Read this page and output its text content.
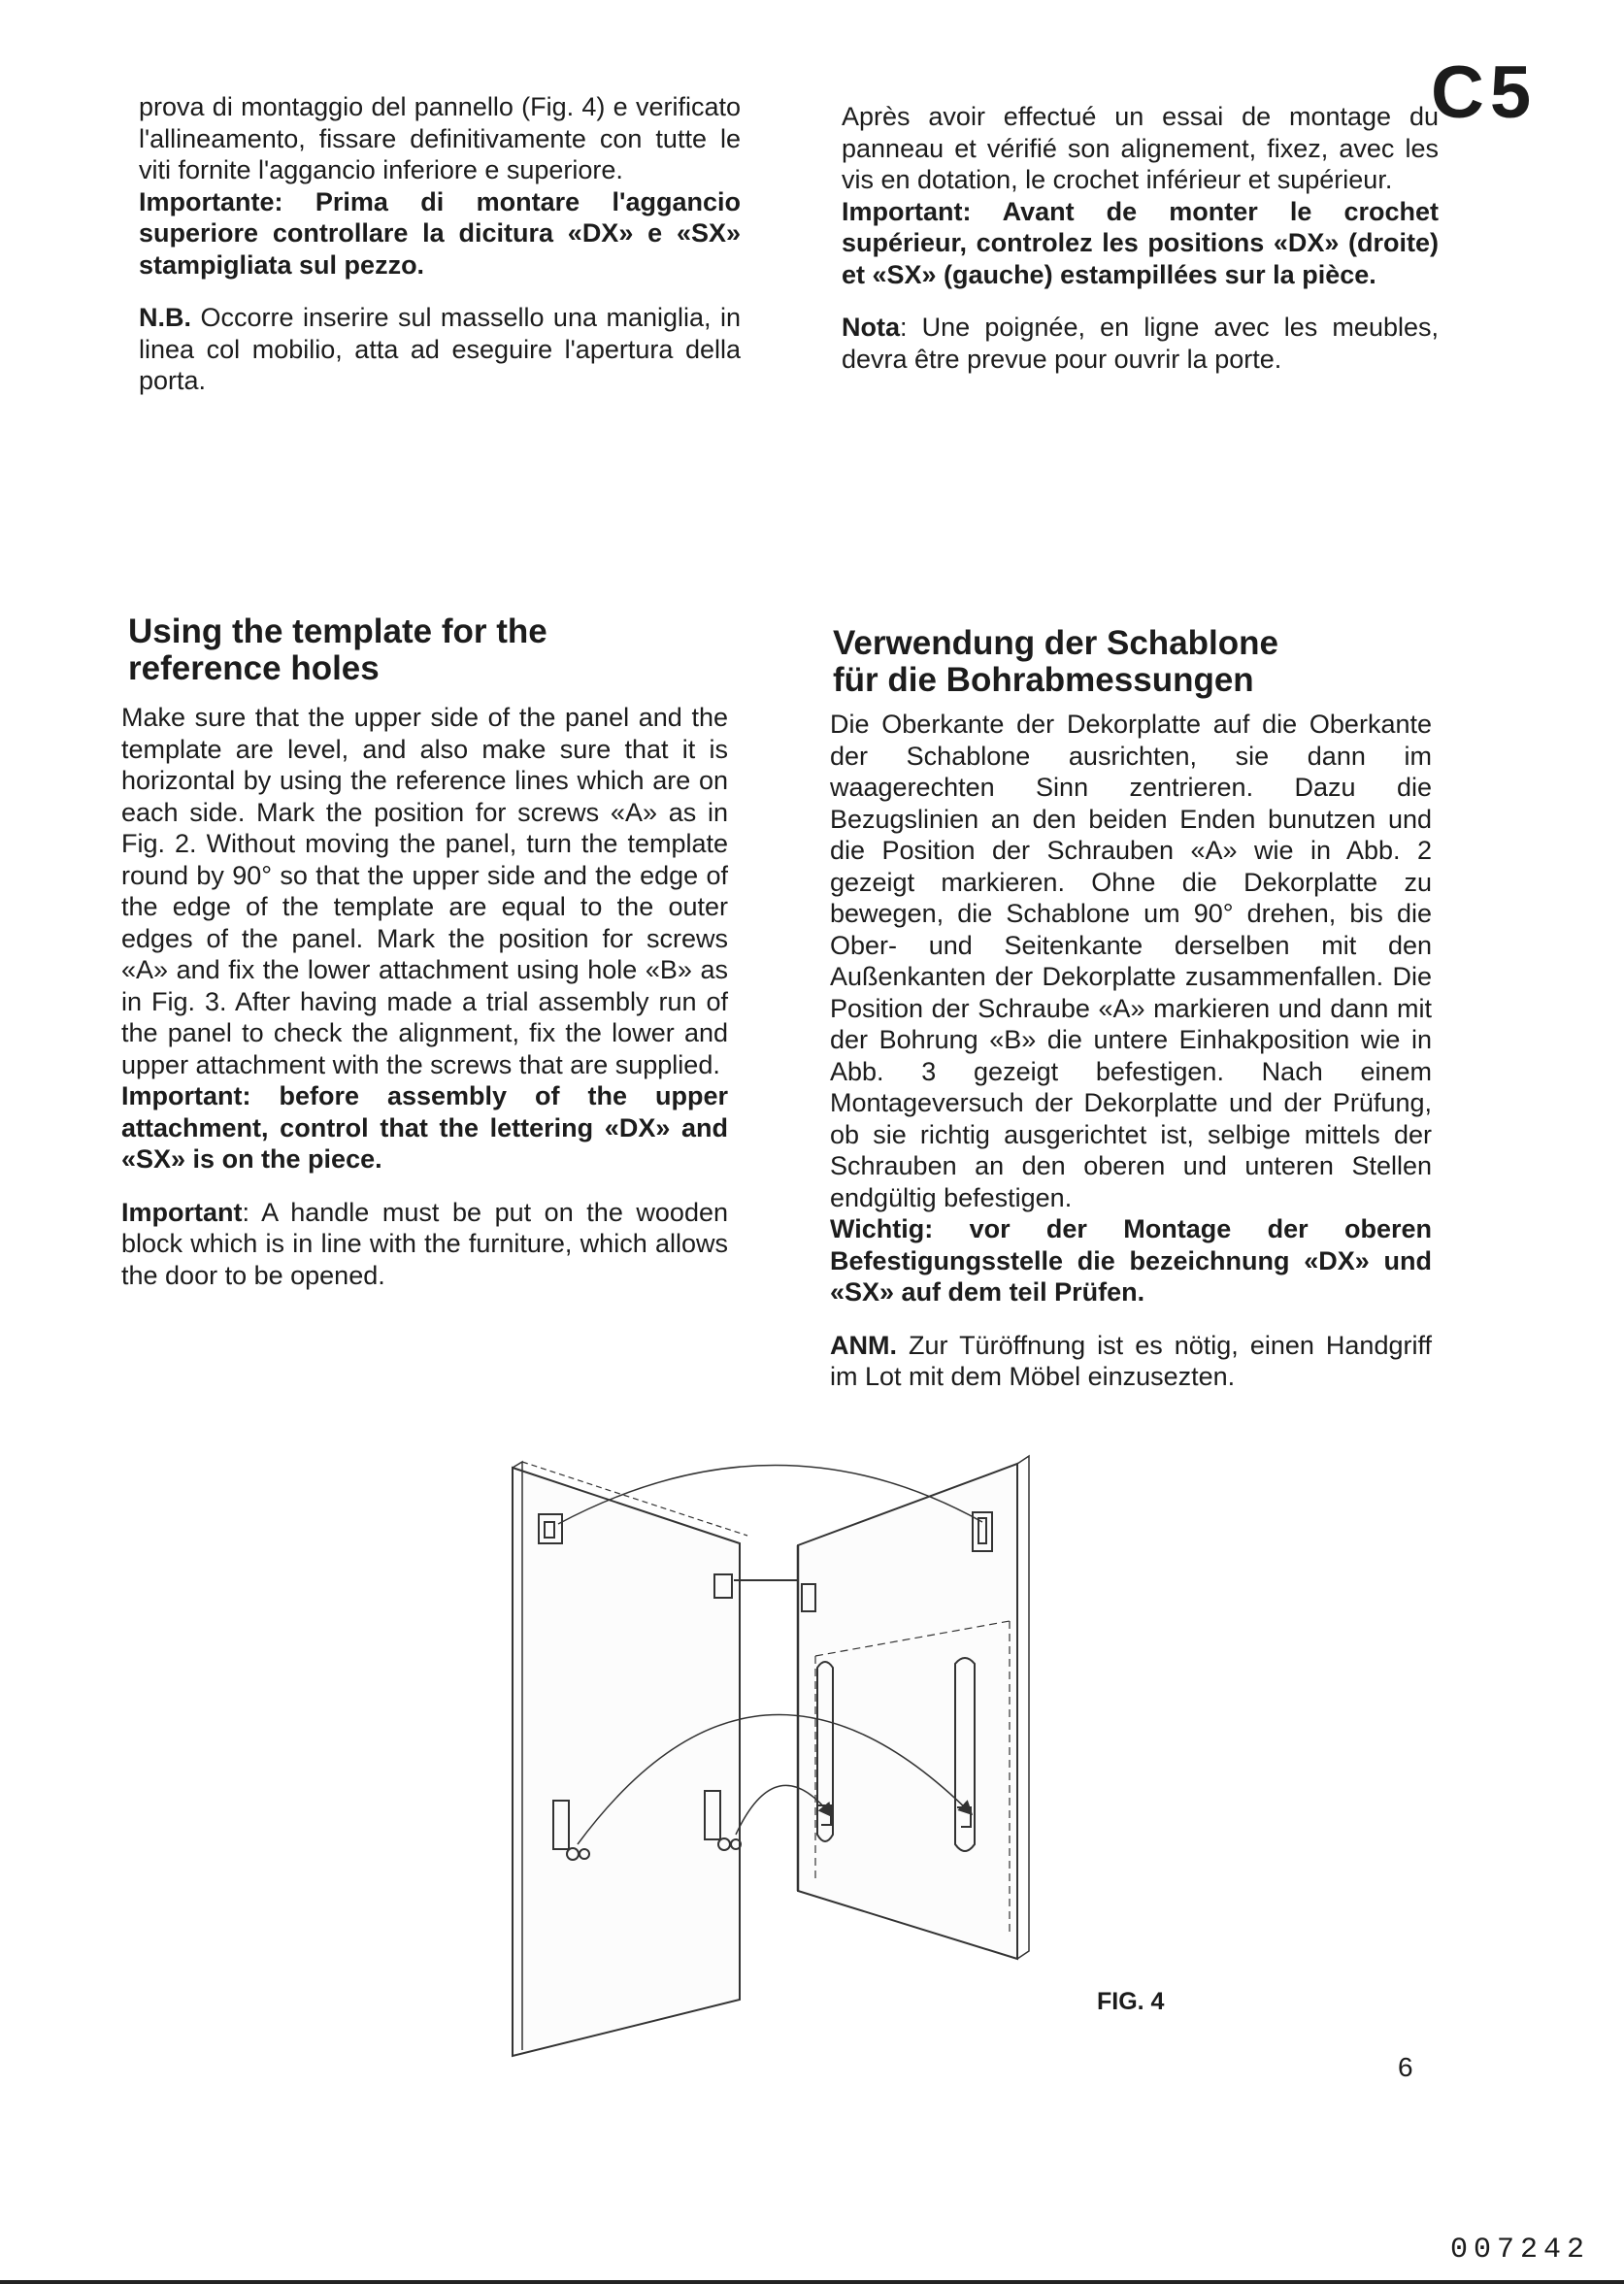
C5

prova di montaggio del pannello (Fig. 4) e verificato l'allineamento, fissare definitivamente con tutte le viti fornite l'aggancio inferiore e superiore.

Importante: Prima di montare l'aggancio superiore controllare la dicitura «DX» e «SX» stampigliata sul pezzo.

N.B. Occorre inserire sul massello una maniglia, in linea col mobilio, atta ad eseguire l'apertura della porta.

Après avoir effectué un essai de montage du panneau et vérifié son alignement, fixez, avec les vis en dotation, le crochet inférieur et supérieur.

Important: Avant de monter le crochet supérieur, controlez les positions «DX» (droite) et «SX» (gauche) estampillées sur la pièce.

Nota: Une poignée, en ligne avec les meubles, devra être prevue pour ouvrir la porte.

Using the template for the
reference holes

Make sure that the upper side of the panel and the template are level, and also make sure that it is horizontal by using the reference lines which are on each side. Mark the position for screws «A» as in Fig. 2. Without moving the panel, turn the template round by 90° so that the upper side and the edge of the edge of the template are equal to the outer edges of the panel. Mark the position for screws «A» and fix the lower attachment using hole «B» as in Fig. 3. After having made a trial assembly run of the panel to check the alignment, fix the lower and upper attachment with the screws that are supplied.

Important: before assembly of the upper attachment, control that the lettering «DX» and «SX» is on the piece.

Important: A handle must be put on the wooden block which is in line with the furniture, which allows the door to be opened.

Verwendung der Schablone
für die Bohrabmessungen

Die Oberkante der Dekorplatte auf die Oberkante der Schablone ausrichten, sie dann im waagerechten Sinn zentrieren. Dazu die Bezugslinien an den beiden Enden bunutzen und die Position der Schrauben «A» wie in Abb. 2 gezeigt markieren. Ohne die Dekorplatte zu bewegen, die Schablone um 90° drehen, bis die Ober- und Seitenkante derselben mit den Außenkanten der Dekorplatte zusammenfallen. Die Position der Schraube «A» markieren und dann mit der Bohrung «B» die untere Einhakposition wie in Abb. 3 gezeigt befestigen. Nach einem Montageversuch der Dekorplatte und der Prüfung, ob sie richtig ausgerichtet ist, selbige mittels der Schrauben an den oberen und unteren Stellen endgültig befestigen.

Wichtig: vor der Montage der oberen Befestigungsstelle die bezeichnung «DX» und «SX» auf dem teil Prüfen.

ANM. Zur Türöffnung ist es nötig, einen Handgriff im Lot mit dem Möbel einzusezten.

FIG. 4

6

007242
